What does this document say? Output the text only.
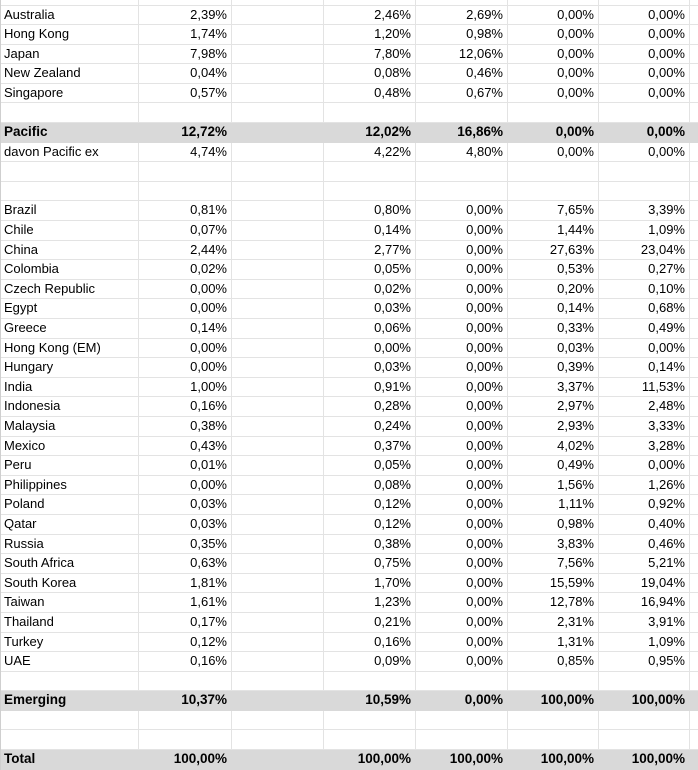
Australia	2,39%	2,46%	2,69%	0,00%	0,00%
Hong Kong	1,74%	1,20%	0,98%	0,00%	0,00%
Japan	7,98%	7,80%	12,06%	0,00%	0,00%
New Zealand	0,04%	0,08%	0,46%	0,00%	0,00%
Singapore	0,57%	0,48%	0,67%	0,00%	0,00%
Pacific	12,72%	12,02%	16,86%	0,00%	0,00%
davon Pacific ex	4,74%	4,22%	4,80%	0,00%	0,00%
Brazil	0,81%	0,80%	0,00%	7,65%	3,39%
Chile	0,07%	0,14%	0,00%	1,44%	1,09%
China	2,44%	2,77%	0,00%	27,63%	23,04%
Colombia	0,02%	0,05%	0,00%	0,53%	0,27%
Czech Republic	0,00%	0,02%	0,00%	0,20%	0,10%
Egypt	0,00%	0,03%	0,00%	0,14%	0,68%
Greece	0,14%	0,06%	0,00%	0,33%	0,49%
Hong Kong (EM)	0,00%	0,00%	0,00%	0,03%	0,00%
Hungary	0,00%	0,03%	0,00%	0,39%	0,14%
India	1,00%	0,91%	0,00%	3,37%	11,53%
Indonesia	0,16%	0,28%	0,00%	2,97%	2,48%
Malaysia	0,38%	0,24%	0,00%	2,93%	3,33%
Mexico	0,43%	0,37%	0,00%	4,02%	3,28%
Peru	0,01%	0,05%	0,00%	0,49%	0,00%
Philippines	0,00%	0,08%	0,00%	1,56%	1,26%
Poland	0,03%	0,12%	0,00%	1,11%	0,92%
Qatar	0,03%	0,12%	0,00%	0,98%	0,40%
Russia	0,35%	0,38%	0,00%	3,83%	0,46%
South Africa	0,63%	0,75%	0,00%	7,56%	5,21%
South Korea	1,81%	1,70%	0,00%	15,59%	19,04%
Taiwan	1,61%	1,23%	0,00%	12,78%	16,94%
Thailand	0,17%	0,21%	0,00%	2,31%	3,91%
Turkey	0,12%	0,16%	0,00%	1,31%	1,09%
UAE	0,16%	0,09%	0,00%	0,85%	0,95%
Emerging	10,37%	10,59%	0,00%	100,00%	100,00%
Total	100,00%	100,00%	100,00%	100,00%	100,00%
